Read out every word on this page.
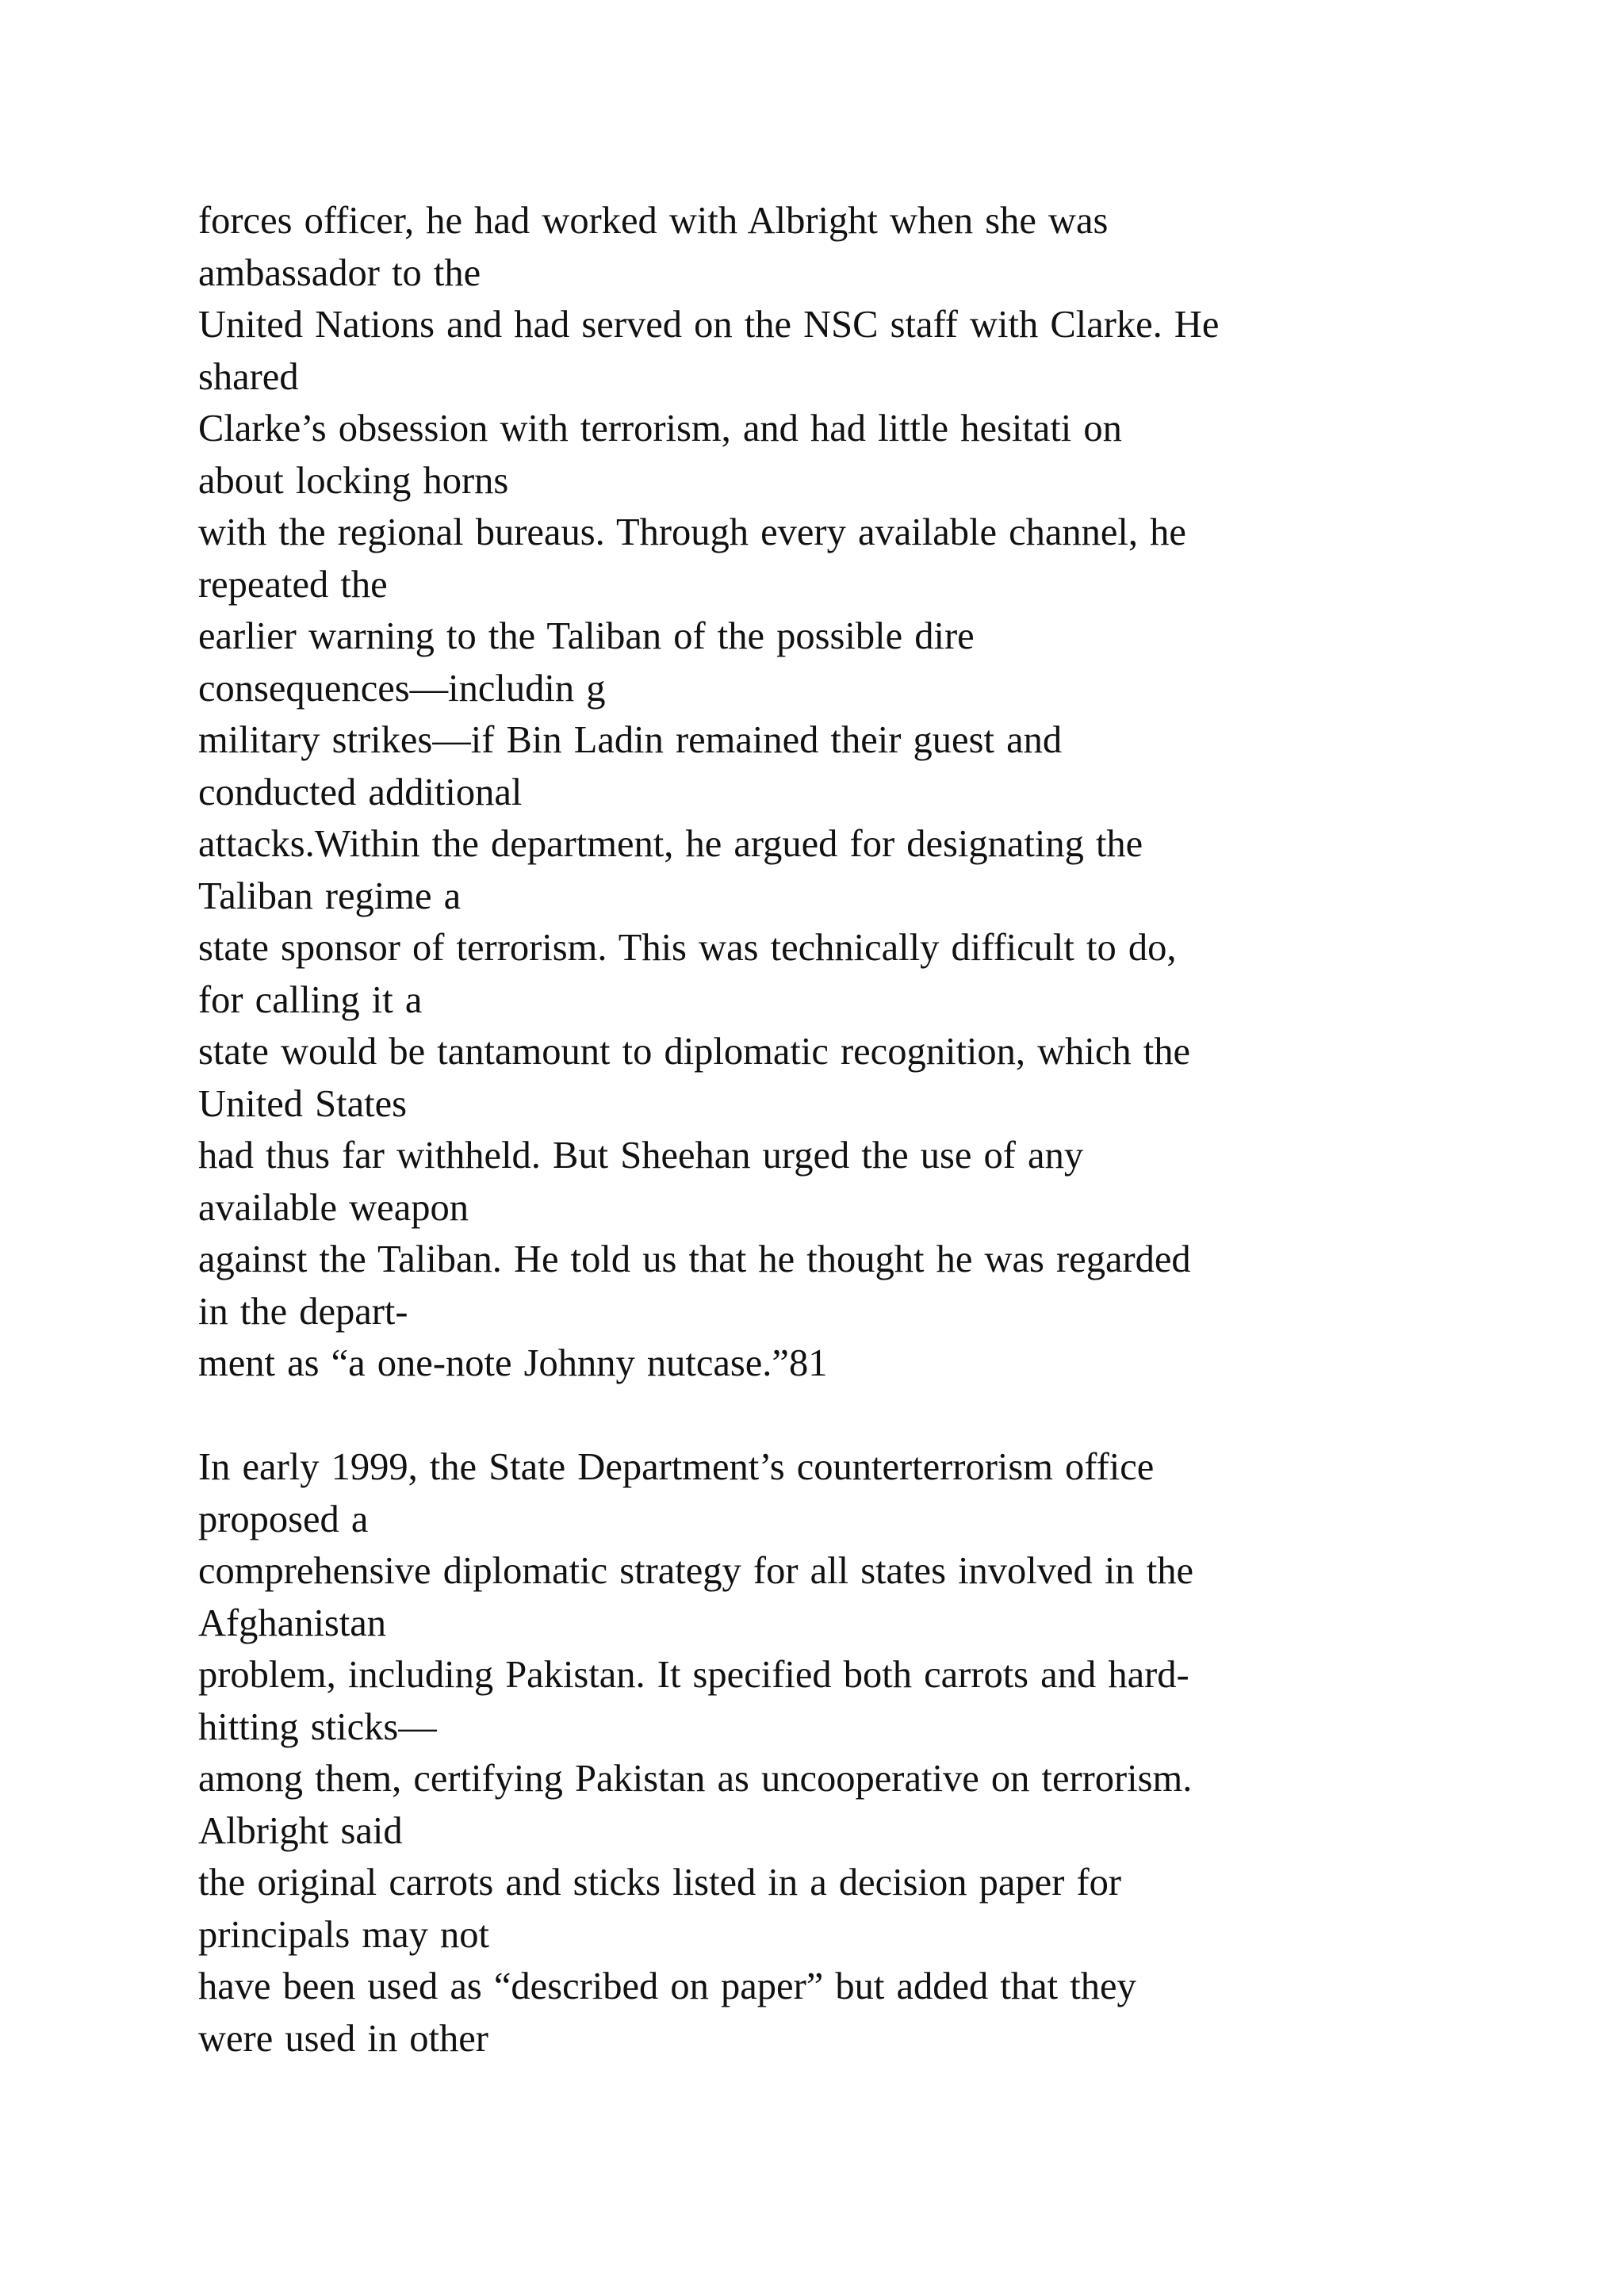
forces officer, he had worked with Albright when she was
ambassador to the
United Nations and had served on the NSC staff with Clarke. He
shared
Clarke’s obsession with terrorism, and had little hesitati on
about locking horns
with the regional bureaus. Through every available channel, he
repeated the
earlier warning to the Taliban of the possible dire
consequences—includin g
military strikes—if Bin Ladin remained their guest and
conducted additional
attacks.Within the department, he argued for designating the
Taliban regime a
state sponsor of terrorism. This was technically difficult to do,
for calling it a
state would be tantamount to diplomatic recognition, which the
United States
had thus far withheld. But Sheehan urged the use of any
available weapon
against the Taliban. He told us that he thought he was regarded
in the depart-
ment as “a one-note Johnny nutcase.”81
In early 1999, the State Department’s counterterrorism office
proposed a
comprehensive diplomatic strategy for all states involved in the
Afghanistan
problem, including Pakistan. It specified both carrots and hard-
hitting sticks—
among them, certifying Pakistan as uncooperative on terrorism.
Albright said
the original carrots and sticks listed in a decision paper for
principals may not
have been used as “described on paper” but added that they
were used in other
